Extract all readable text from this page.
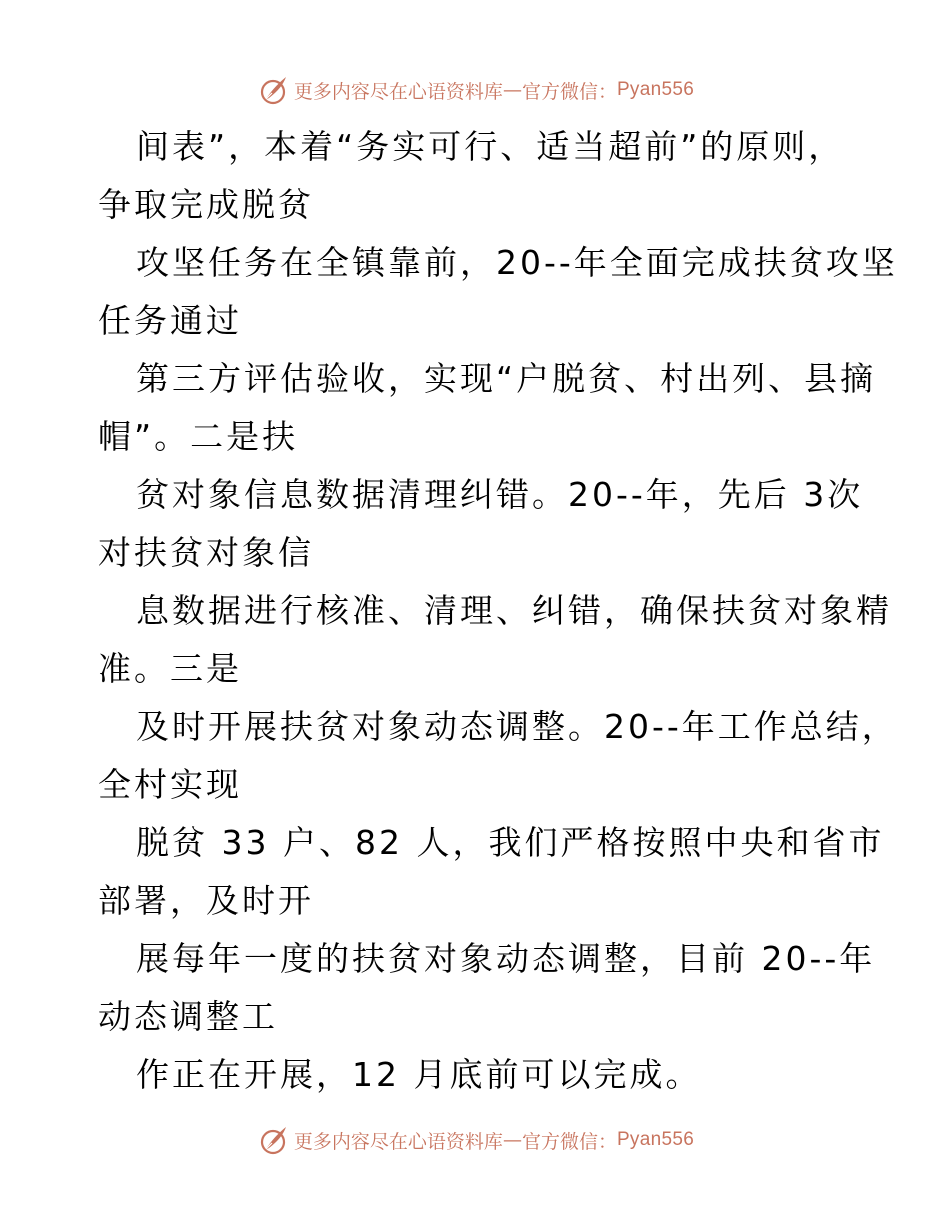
更多内容尽在心语资料库 — 官方微信： Pyan556
间表”，本着“务实可行、适当超前”的原则，
争取完成脱贫
攻坚任务在全镇靠前，20--年全面完成扶贫攻坚
任务通过
第三方评估验收，实现“户脱贫、村出列、县摘
帽”。二是扶
贫对象信息数据清理纠错。20--年，先后 3次
对扶贫对象信
息数据进行核准、清理、纠错，确保扶贫对象精
准。三是
及时开展扶贫对象动态调整。20--年工作总结，
全村实现
脱贫 33 户、82 人，我们严格按照中央和省市
部署，及时开
展每年一度的扶贫对象动态调整，目前 20--年
动态调整工
作正在开展，12 月底前可以完成。
更多内容尽在心语资料库 — 官方微信： Pyan556
